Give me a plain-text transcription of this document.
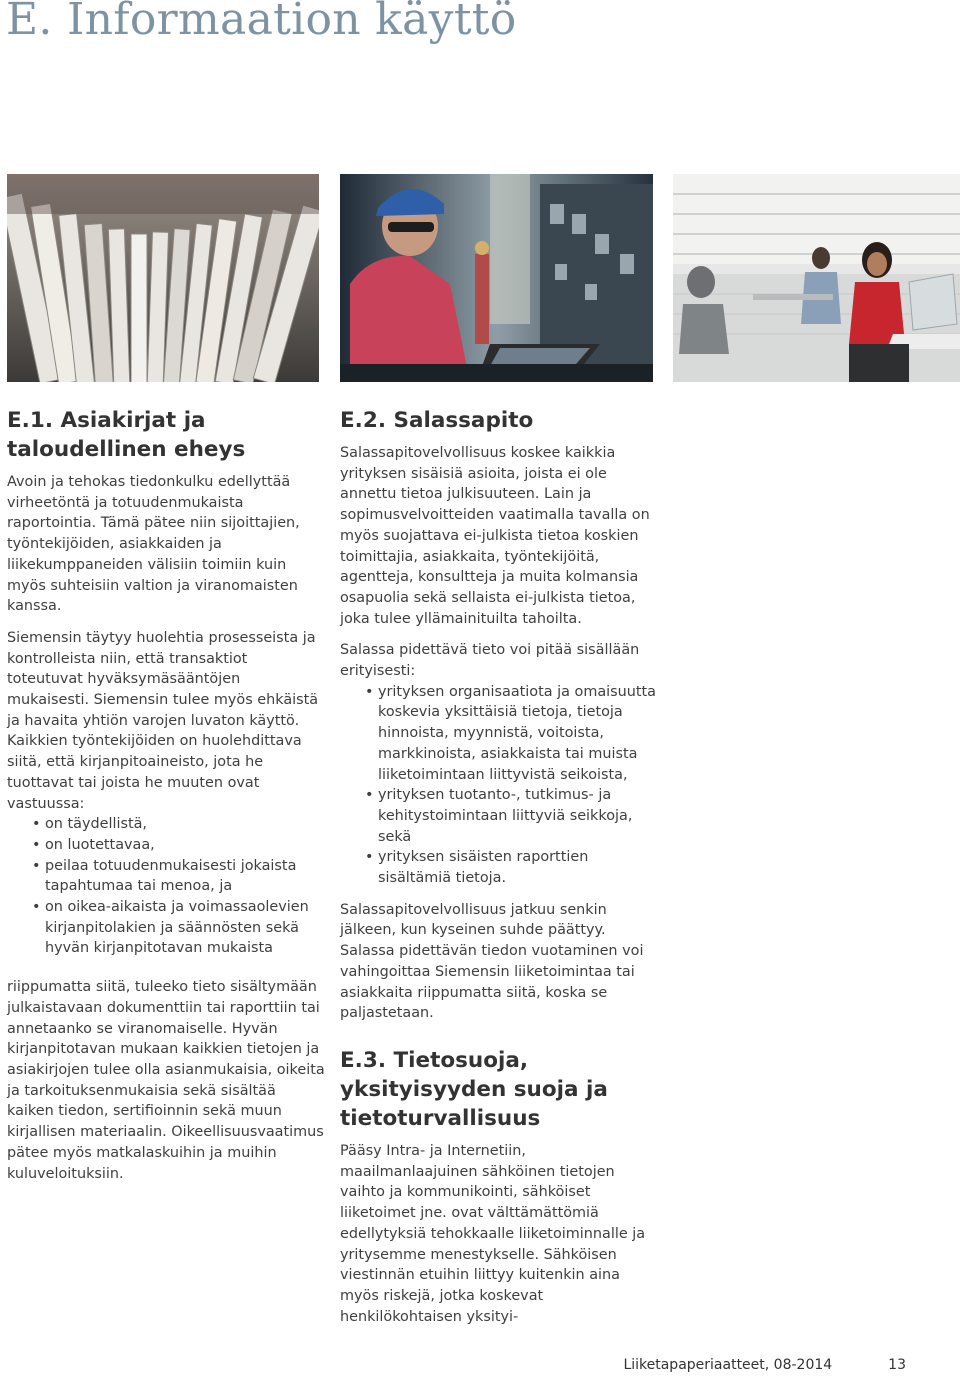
E. Informaation käyttö
E.1. Asiakirjat ja taloudellinen eheys

Avoin ja tehokas tiedonkulku edellyttää virheetöntä ja totuudenmukaista raportointia. Tämä pätee niin sijoittajien, työntekijöiden, asiakkaiden ja liikekumppaneiden välisiin toimiin kuin myös suhteisiin valtion ja viranomaisten kanssa.

Siemensin täytyy huolehtia prosesseista ja kontrolleista niin, että transaktiot toteutuvat hyväksymäsääntöjen mukaisesti. Siemensin tulee myös ehkäistä ja havaita yhtiön varojen luvaton käyttö. Kaikkien työntekijöiden on huolehdittava siitä, että kirjanpitoaineisto, jota he tuottavat tai joista he muuten ovat vastuussa:

• on täydellistä,
• on luotettavaa,
• peilaa totuudenmukaisesti jokaista tapahtumaa tai menoa, ja
• on oikea-aikaista ja voimassaolevien kirjanpitolakien ja säännösten sekä hyvän kirjanpitotavan mukaista

riippumatta siitä, tuleeko tieto sisältymään julkaistavaan dokumenttiin tai raporttiin tai annetaanko se viranomaiselle. Hyvän kirjanpitotavan mukaan kaikkien tietojen ja asiakirjojen tulee olla asianmukaisia, oikeita ja tarkoituksenmukaisia sekä sisältää kaiken tiedon, sertifioinnin sekä muun kirjallisen materiaalin. Oikeellisuusvaatimus pätee myös matkalaskuihin ja muihin kuluveloituksiin.

E.2. Salassapito

Salassapitovelvollisuus koskee kaikkia yrityksen sisäisiä asioita, joista ei ole annettu tietoa julkisuuteen. Lain ja sopimusvelvoitteiden vaatimalla tavalla on myös suojattava ei-julkista tietoa koskien toimittajia, asiakkaita, työntekijöitä, agentteja, konsultteja ja muita kolmansia osapuolia sekä sellaista ei-julkista tietoa, joka tulee yllämainituilta tahoilta.

Salassa pidettävä tieto voi pitää sisällään erityisesti:

• yrityksen organisaatiota ja omaisuutta koskevia yksittäisiä tietoja, tietoja hinnoista, myynnistä, voitoista, markkinoista, asiakkaista tai muista liiketoimintaan liittyvistä seikoista,
• yrityksen tuotanto-, tutkimus- ja kehitystoimintaan liittyviä seikkoja, sekä
• yrityksen sisäisten raporttien sisältämiä tietoja.

Salassapitovelvollisuus jatkuu senkin jälkeen, kun kyseinen suhde päättyy. Salassa pidettävän tiedon vuotaminen voi vahingoittaa Siemensin liiketoimintaa tai asiakkaita riippumatta siitä, koska se paljastetaan.

E.3. Tietosuoja, yksityisyyden suoja ja tietoturvallisuus

Pääsy Intra- ja Internetiin, maailmanlaajuinen sähköinen tietojen vaihto ja kommunikointi, sähköiset liiketoimet jne. ovat välttämättömiä edellytyksiä tehokkaalle liiketoiminnalle ja yritysemme menestykselle. Sähköisen viestinnän etuihin liittyy kuitenkin aina myös riskejä, jotka koskevat henkilökohtaisen yksityi-

Liiketapaperiaatteet, 08-2014	13
